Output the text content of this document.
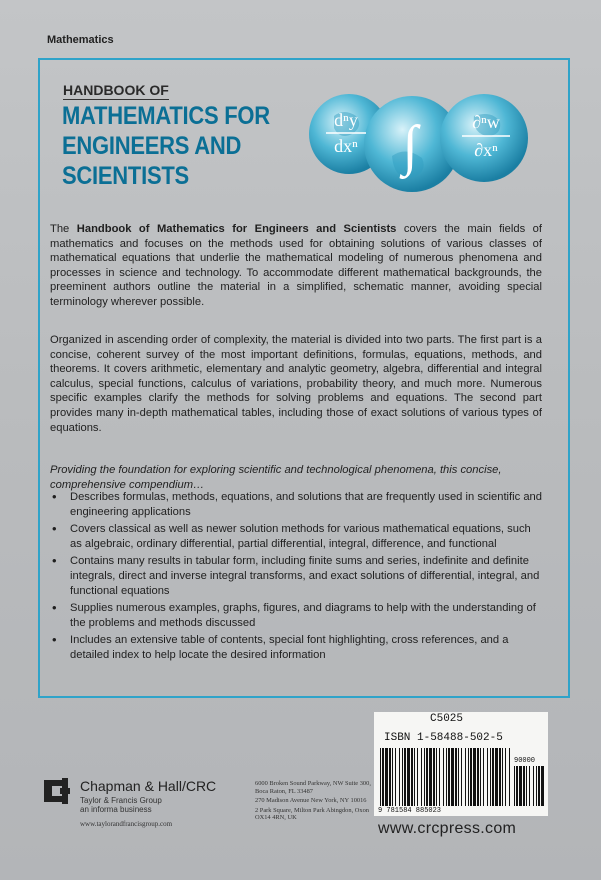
Mathematics
HANDBOOK OF
MATHEMATICS FOR
ENGINEERS AND
SCIENTISTS
dⁿy
dxⁿ ∫	∂ⁿw
∂xⁿ
The Handbook of Mathematics for Engineers and Scientists covers the main fields of mathematics and focuses on the methods used for obtaining solutions of various classes of mathematical equations that underlie the mathematical modeling of numerous phenomena and processes in science and technology. To accommodate different mathematical backgrounds, the preeminent authors outline the material in a simplified, schematic manner, avoiding special terminology wherever possible.
Organized in ascending order of complexity, the material is divided into two parts. The first part is a concise, coherent survey of the most important definitions, formulas, equations, methods, and theorems. It covers arithmetic, elementary and analytic geometry, algebra, differential and integral calculus, special functions, calculus of variations, probability theory, and much more. Numerous specific examples clarify the methods for solving problems and equations. The second part provides many in-depth mathematical tables, including those of exact solutions of various types of equations.
Providing the foundation for exploring scientific and technological phenomena, this concise, comprehensive compendium…
• Describes formulas, methods, equations, and solutions that are frequently used in scientific and engineering applications
• Covers classical as well as newer solution methods for various mathematical equations, such as algebraic, ordinary differential, partial differential, integral, difference, and functional
• Contains many results in tabular form, including finite sums and series, indefinite and definite integrals, direct and inverse integral transforms, and exact solutions of differential, integral, and functional equations
• Supplies numerous examples, graphs, figures, and diagrams to help with the understanding of the problems and methods discussed
• Includes an extensive table of contents, special font highlighting, cross references, and a detailed index to help locate the desired information
Chapman & Hall/CRC
Taylor & Francis Group
an informa business
www.taylorandfrancisgroup.com
6000 Broken Sound Parkway, NW Suite 300, Boca Raton, FL 33487
270 Madison Avenue New York, NY 10016
2 Park Square, Milton Park Abingdon, Oxon OX14 4RN, UK
C5025
ISBN 1-58488-502-5
90000
9 781584 885023
www.crcpress.com
